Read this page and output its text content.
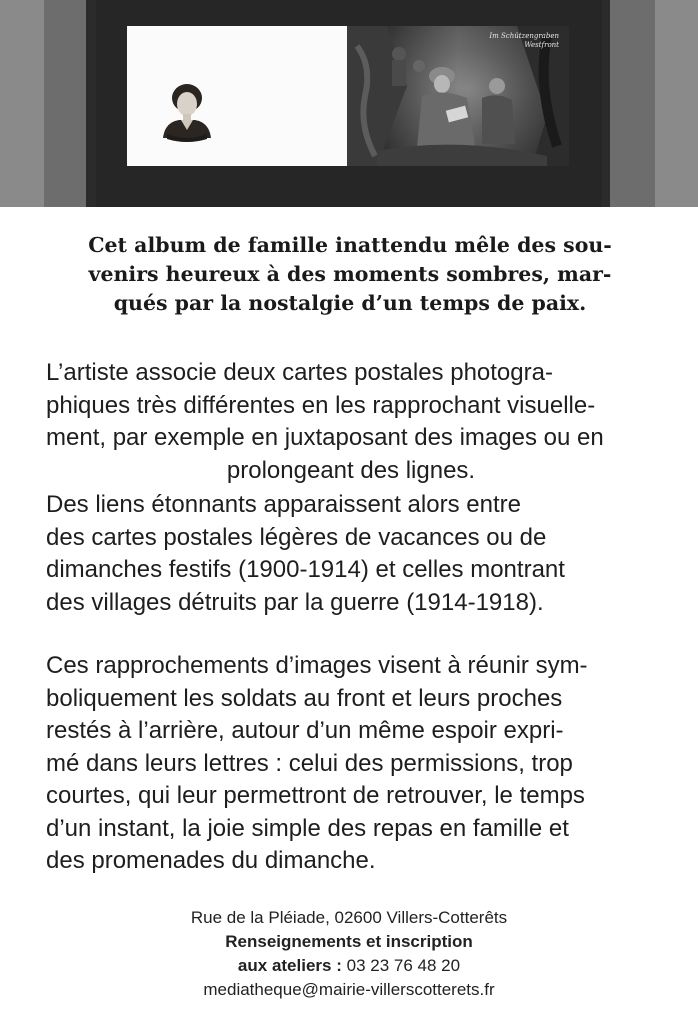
Im Schützengraben
Westfront

Cet album de famille inattendu mêle des sou-
venirs heureux à des moments sombres, mar-
qués par la nostalgie d’un temps de paix.

L’artiste associe deux cartes postales photogra-
phiques très différentes en les rapprochant visuelle-
ment, par exemple en juxtaposant des images ou en
prolongeant des lignes.

Des liens étonnants apparaissent alors entre
des cartes postales légères de vacances ou de
dimanches festifs (1900-1914) et celles montrant
des villages détruits par la guerre (1914-1918).

Ces rapprochements d’images visent à réunir sym-
boliquement les soldats au front et leurs proches
restés à l’arrière, autour d’un même espoir expri-
mé dans leurs lettres : celui des permissions, trop
courtes, qui leur permettront de retrouver, le temps
d’un instant, la joie simple des repas en famille et
des promenades du dimanche.

Rue de la Pléiade, 02600 Villers-Cotterêts
Renseignements et inscription
aux ateliers : 03 23 76 48 20
mediatheque@mairie-villerscotterets.fr
